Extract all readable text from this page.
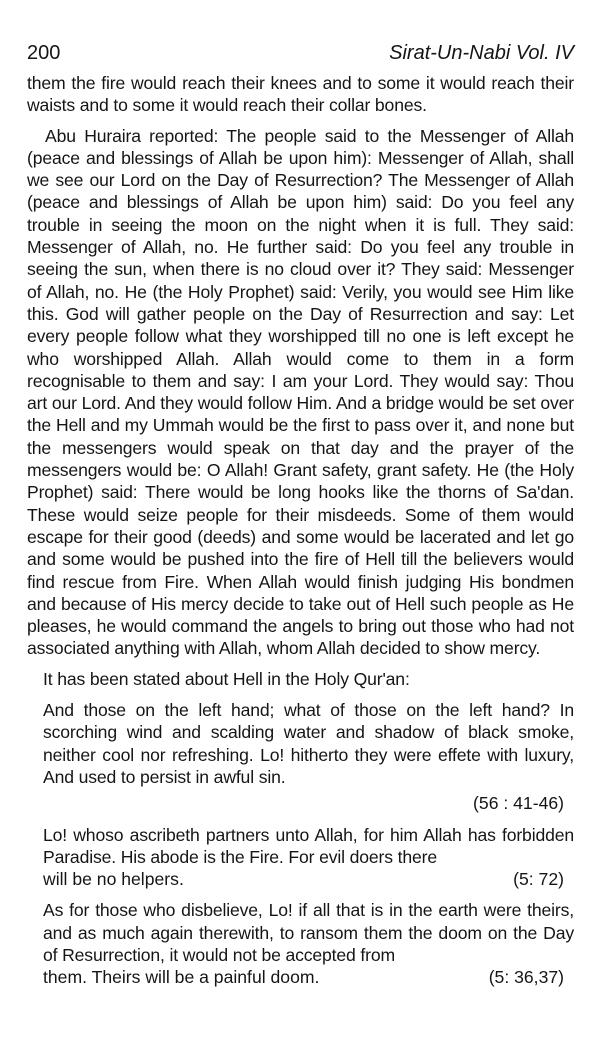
200	Sirat-Un-Nabi Vol. IV

them the fire would reach their knees and to some it would reach their waists and to some it would reach their collar bones.

Abu Huraira reported: The people said to the Messenger of Allah (peace and blessings of Allah be upon him): Messenger of Allah, shall we see our Lord on the Day of Resurrection? The Messenger of Allah (peace and blessings of Allah be upon him) said: Do you feel any trouble in seeing the moon on the night when it is full. They said: Messenger of Allah, no. He further said: Do you feel any trouble in seeing the sun, when there is no cloud over it? They said: Messenger of Allah, no. He (the Holy Prophet) said: Verily, you would see Him like this. God will gather people on the Day of Resurrection and say: Let every people follow what they worshipped till no one is left except he who worshipped Allah. Allah would come to them in a form recognisable to them and say: I am your Lord. They would say: Thou art our Lord. And they would follow Him. And a bridge would be set over the Hell and my Ummah would be the first to pass over it, and none but the messengers would speak on that day and the prayer of the messengers would be: O Allah! Grant safety, grant safety. He (the Holy Prophet) said: There would be long hooks like the thorns of Sa'dan. These would seize people for their misdeeds. Some of them would escape for their good (deeds) and some would be lacerated and let go and some would be pushed into the fire of Hell till the believers would find rescue from Fire. When Allah would finish judging His bondmen and because of His mercy decide to take out of Hell such people as He pleases, he would command the angels to bring out those who had not associated anything with Allah, whom Allah decided to show mercy.

It has been stated about Hell in the Holy Qur'an:

And those on the left hand; what of those on the left hand? In scorching wind and scalding water and shadow of black smoke, neither cool nor refreshing. Lo! hitherto they were effete with luxury, And used to persist in awful sin.

(56 : 41-46)

Lo! whoso ascribeth partners unto Allah, for him Allah has forbidden Paradise. His abode is the Fire. For evil doers there

will be no helpers.	(5: 72)

As for those who disbelieve, Lo! if all that is in the earth were theirs, and as much again therewith, to ransom them the doom on the Day of Resurrection, it would not be accepted from

them. Theirs will be a painful doom.	(5: 36,37)
